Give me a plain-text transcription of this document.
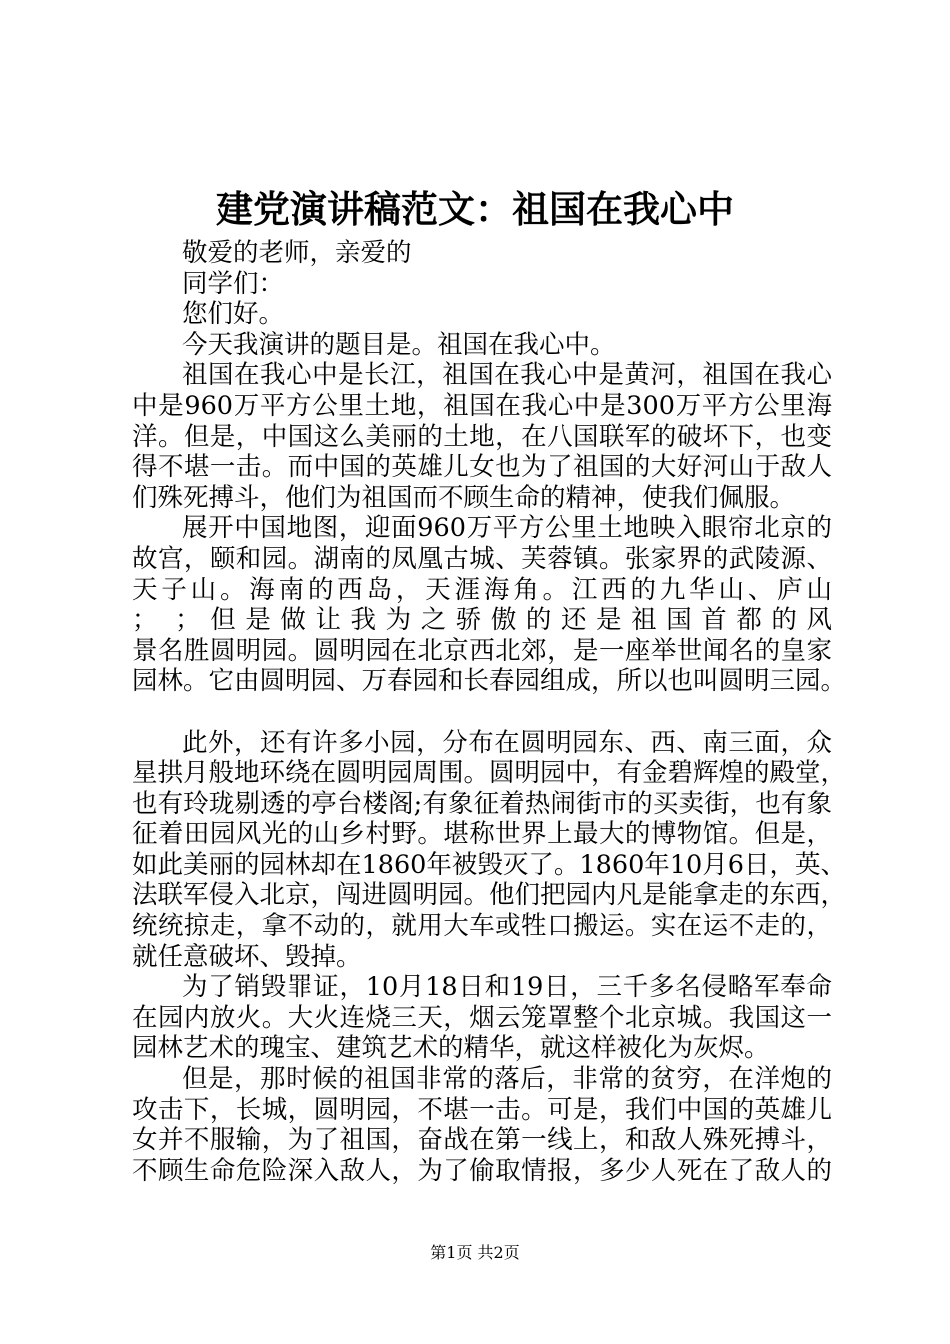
建党演讲稿范文：祖国在我心中
敬爱的老师，亲爱的
同学们：
您们好。
今天我演讲的题目是。祖国在我心中。
祖国在我心中是长江，祖国在我心中是黄河，祖国在我心
中是960万平方公里土地，祖国在我心中是300万平方公里海
洋。但是，中国这么美丽的土地，在八国联军的破坏下，也变
得不堪一击。而中国的英雄儿女也为了祖国的大好河山于敌人
们殊死搏斗，他们为祖国而不顾生命的精神，使我们佩服。
展开中国地图，迎面960万平方公里土地映入眼帘北京的
故宫，颐和园。湖南的凤凰古城、芙蓉镇。张家界的武陵源、
天子山。海南的西岛，天涯海角。江西的九华山、庐山
； ；但是做让我为之骄傲的还是祖国首都的风
景名胜圆明园。圆明园在北京西北郊，是一座举世闻名的皇家
园林。它由圆明园、万春园和长春园组成，所以也叫圆明三园。
此外，还有许多小园，分布在圆明园东、西、南三面，众
星拱月般地环绕在圆明园周围。圆明园中，有金碧辉煌的殿堂，
也有玲珑剔透的亭台楼阁;有象征着热闹街市的买卖街，也有象
征着田园风光的山乡村野。堪称世界上最大的博物馆。但是，
如此美丽的园林却在1860年被毁灭了。1860年10月6日，英、
法联军侵入北京，闯进圆明园。他们把园内凡是能拿走的东西，
统统掠走，拿不动的，就用大车或牲口搬运。实在运不走的，
就任意破坏、毁掉。
为了销毁罪证，10月18日和19日，三千多名侵略军奉命
在园内放火。大火连烧三天，烟云笼罩整个北京城。我国这一
园林艺术的瑰宝、建筑艺术的精华，就这样被化为灰烬。
但是，那时候的祖国非常的落后，非常的贫穷，在洋炮的
攻击下，长城，圆明园，不堪一击。可是，我们中国的英雄儿
女并不服输，为了祖国，奋战在第一线上，和敌人殊死搏斗，
不顾生命危险深入敌人，为了偷取情报，多少人死在了敌人的
第1页 共2页
